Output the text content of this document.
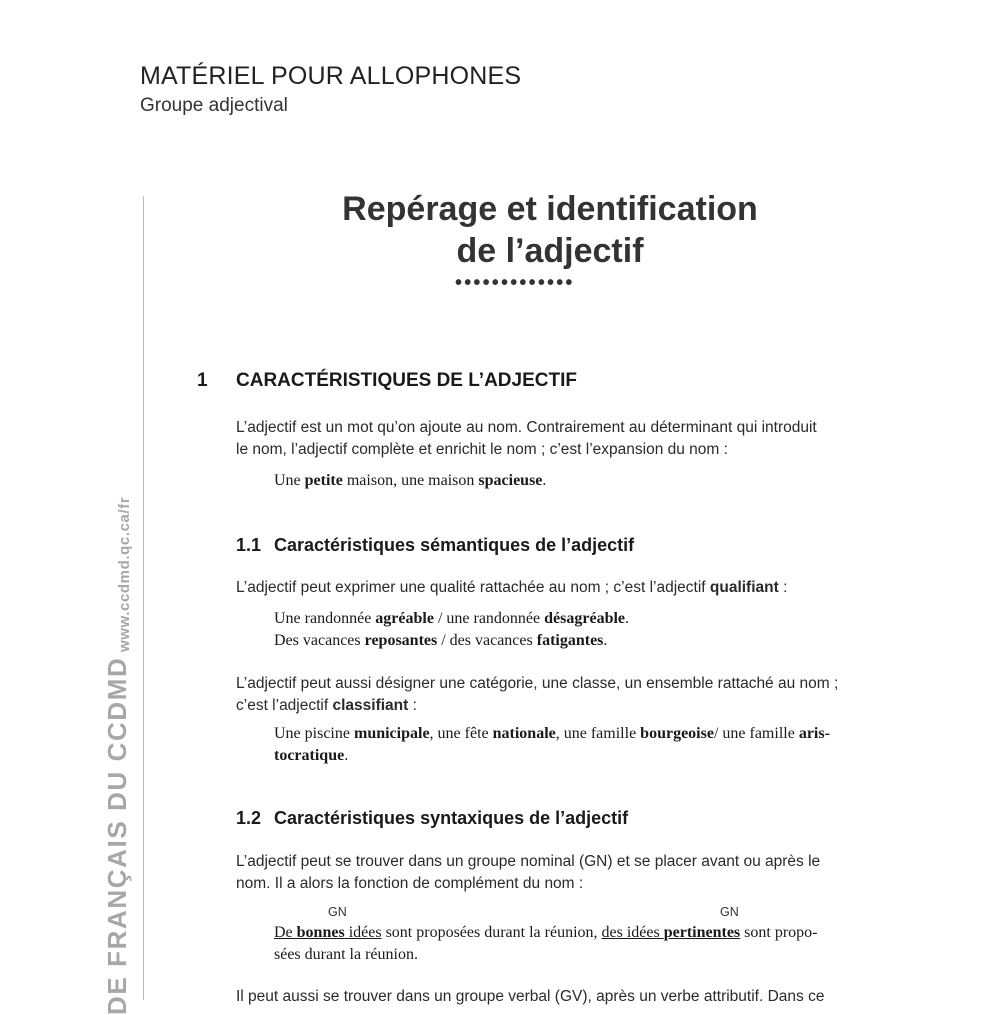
MATÉRIEL POUR ALLOPHONES
Groupe adjectival
www.ccdmd.qc.ca/fr
DE FRANÇAIS DU CCDMD
Repérage et identification
de l’adjectif
•••••••••••••
1 CARACTÉRISTIQUES DE L’ADJECTIF
L’adjectif est un mot qu’on ajoute au nom. Contrairement au déterminant qui introduit
le nom, l’adjectif complète et enrichit le nom ; c’est l’expansion du nom :
Une petite maison, une maison spacieuse.
1.1 Caractéristiques sémantiques de l’adjectif
L’adjectif peut exprimer une qualité rattachée au nom ; c’est l’adjectif qualifiant :
Une randonnée agréable / une randonnée désagréable.
Des vacances reposantes / des vacances fatigantes.
L’adjectif peut aussi désigner une catégorie, une classe, un ensemble rattaché au nom ;
c’est l’adjectif classifiant :
Une piscine municipale, une fête nationale, une famille bourgeoise/ une famille aris-
tocratique.
1.2 Caractéristiques syntaxiques de l’adjectif
L’adjectif peut se trouver dans un groupe nominal (GN) et se placer avant ou après le
nom. Il a alors la fonction de complément du nom :
GN	GN
De bonnes idées sont proposées durant la réunion, des idées pertinentes sont propo-
sées durant la réunion.
Il peut aussi se trouver dans un groupe verbal (GV), après un verbe attributif. Dans ce
